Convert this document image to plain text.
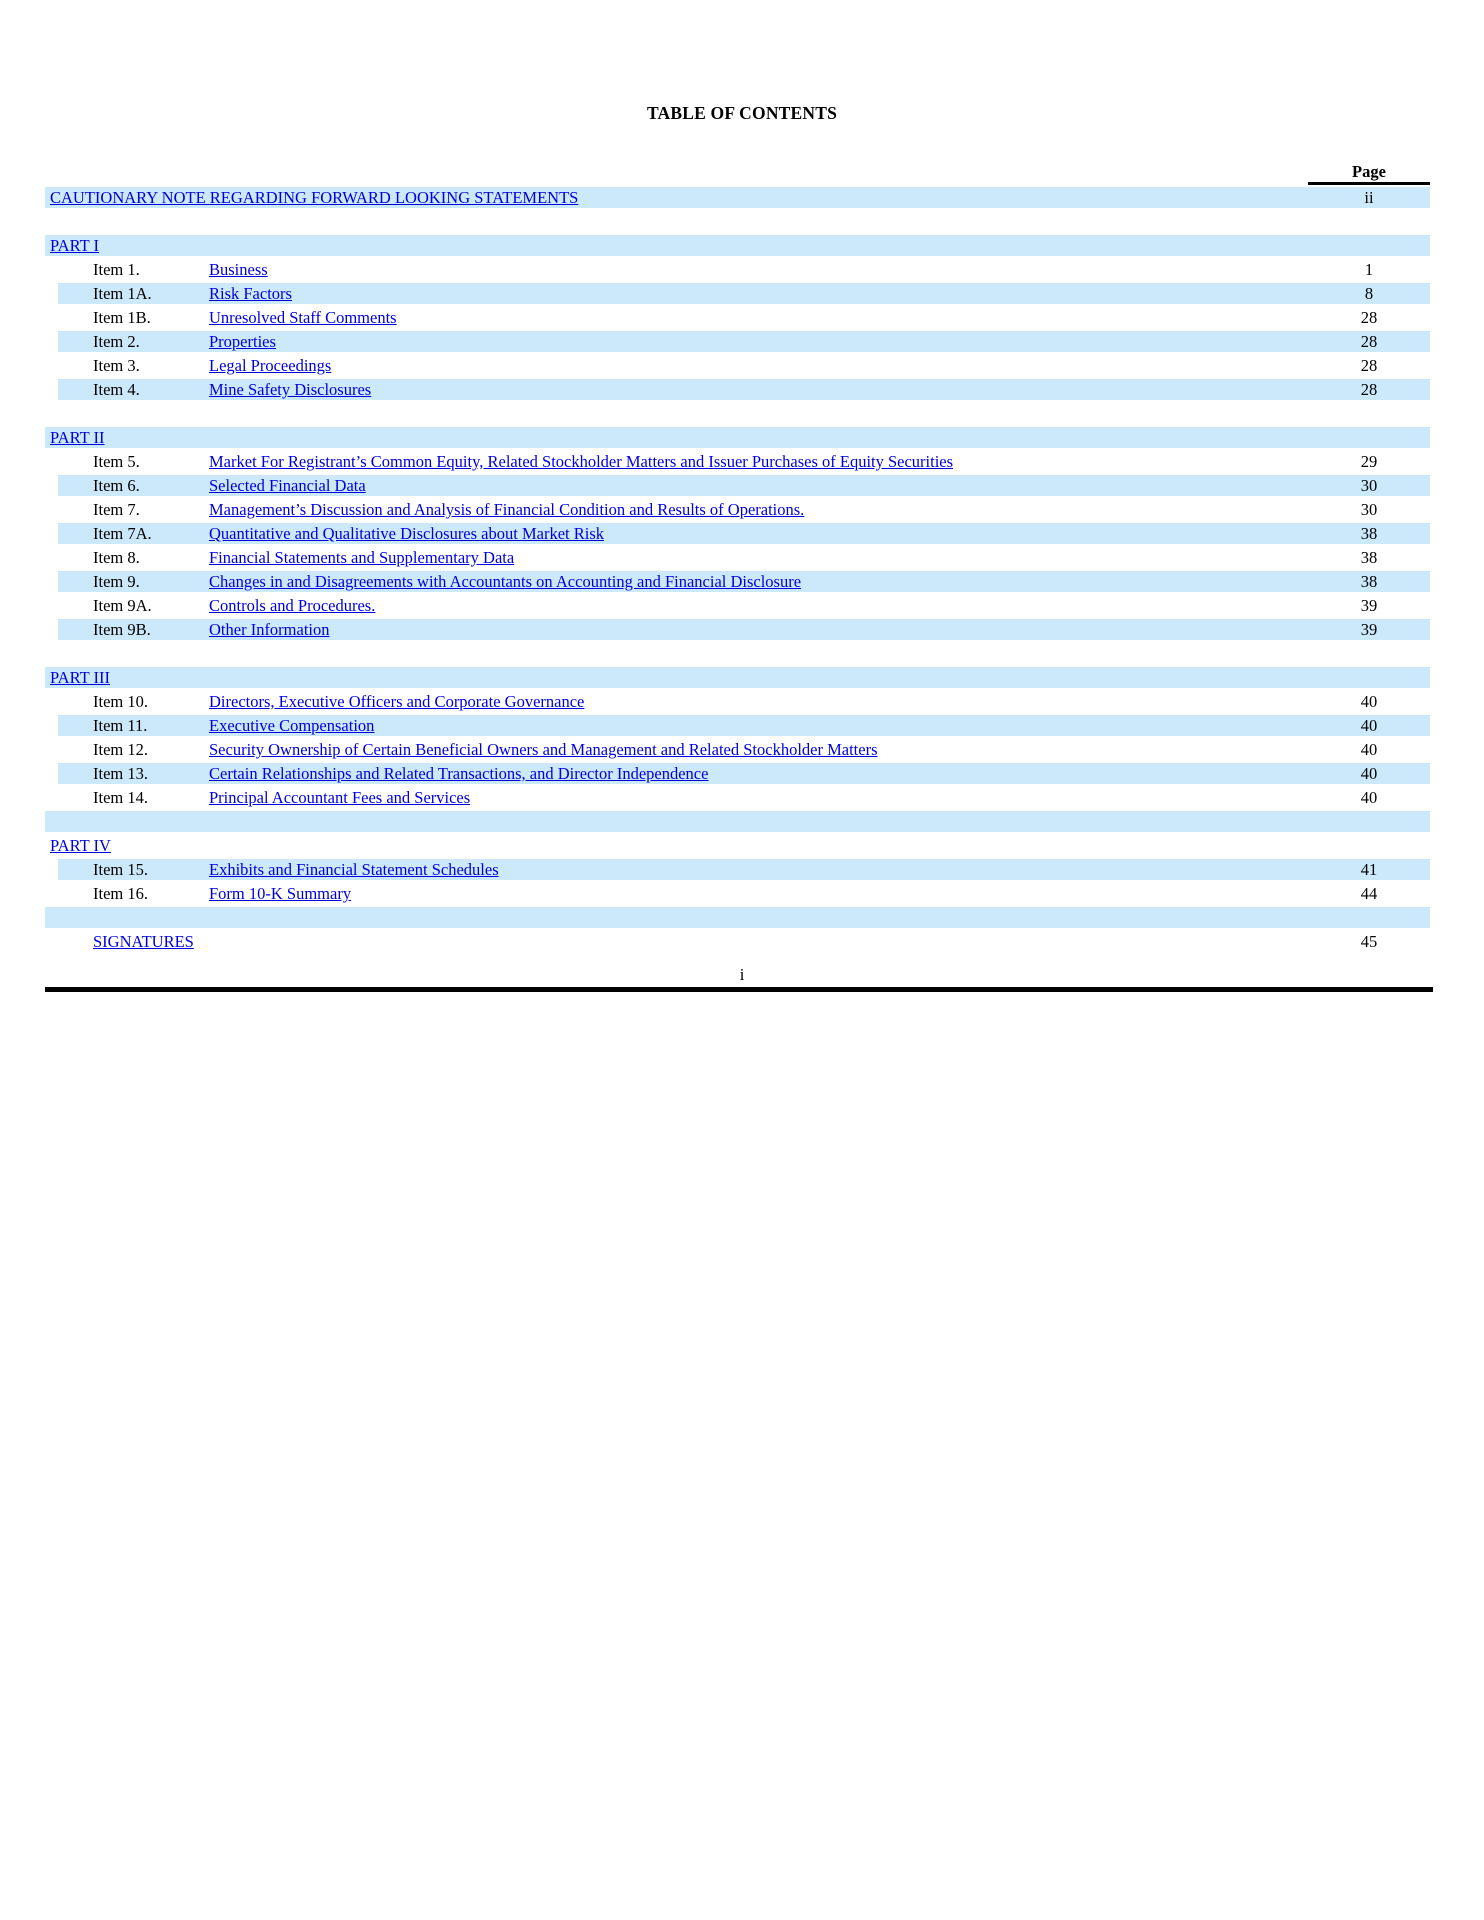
TABLE OF CONTENTS
Page
CAUTIONARY NOTE REGARDING FORWARD LOOKING STATEMENTS	ii
PART I
Item 1.	Business	1
Item 1A.	Risk Factors	8
Item 1B.	Unresolved Staff Comments	28
Item 2.	Properties	28
Item 3.	Legal Proceedings	28
Item 4.	Mine Safety Disclosures	28
PART II
Item 5.	Market For Registrant’s Common Equity, Related Stockholder Matters and Issuer Purchases of Equity Securities	29
Item 6.	Selected Financial Data	30
Item 7.	Management’s Discussion and Analysis of Financial Condition and Results of Operations.	30
Item 7A.	Quantitative and Qualitative Disclosures about Market Risk	38
Item 8.	Financial Statements and Supplementary Data	38
Item 9.	Changes in and Disagreements with Accountants on Accounting and Financial Disclosure	38
Item 9A.	Controls and Procedures.	39
Item 9B.	Other Information	39
PART III
Item 10.	Directors, Executive Officers and Corporate Governance	40
Item 11.	Executive Compensation	40
Item 12.	Security Ownership of Certain Beneficial Owners and Management and Related Stockholder Matters	40
Item 13.	Certain Relationships and Related Transactions, and Director Independence	40
Item 14.	Principal Accountant Fees and Services	40
PART IV
Item 15.	Exhibits and Financial Statement Schedules	41
Item 16.	Form 10-K Summary	44
SIGNATURES	45
i
